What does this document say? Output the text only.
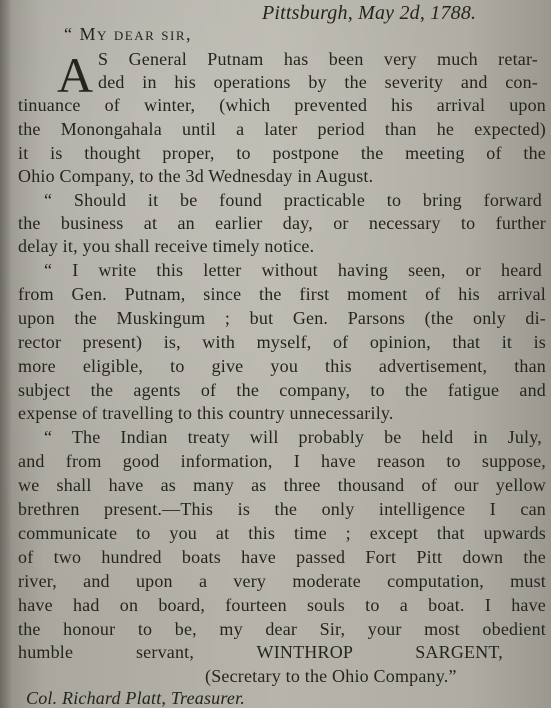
Pittsburgh, May 2d, 1788.
“ My dear sir,
A S General Putnam has been very much retar-
ded in his operations by the severity and con-
tinuance of winter, (which prevented his arrival upon
the Monongahala until a later period than he expected)
it is thought proper, to postpone the meeting of the
Ohio Company, to the 3d Wednesday in August.
“ Should it be found practicable to bring forward
the business at an earlier day, or necessary to further
delay it, you shall receive timely notice.
“ I write this letter without having seen, or heard
from Gen. Putnam, since the first moment of his arrival
upon the Muskingum ; but Gen. Parsons (the only di-
rector present) is, with myself, of opinion, that it is
more eligible, to give you this advertisement, than
subject the agents of the company, to the fatigue and
expense of travelling to this country unnecessarily.
“ The Indian treaty will probably be held in July,
and from good information, I have reason to suppose,
we shall have as many as three thousand of our yellow
brethren present.—This is the only intelligence I can
communicate to you at this time ; except that upwards
of two hundred boats have passed Fort Pitt down the
river, and upon a very moderate computation, must
have had on board, fourteen souls to a boat. I have
the honour to be, my dear Sir, your most obedient
humble servant, WINTHROP SARGENT,
(Secretary to the Ohio Company.”
Col. Richard Platt, Treasurer.
